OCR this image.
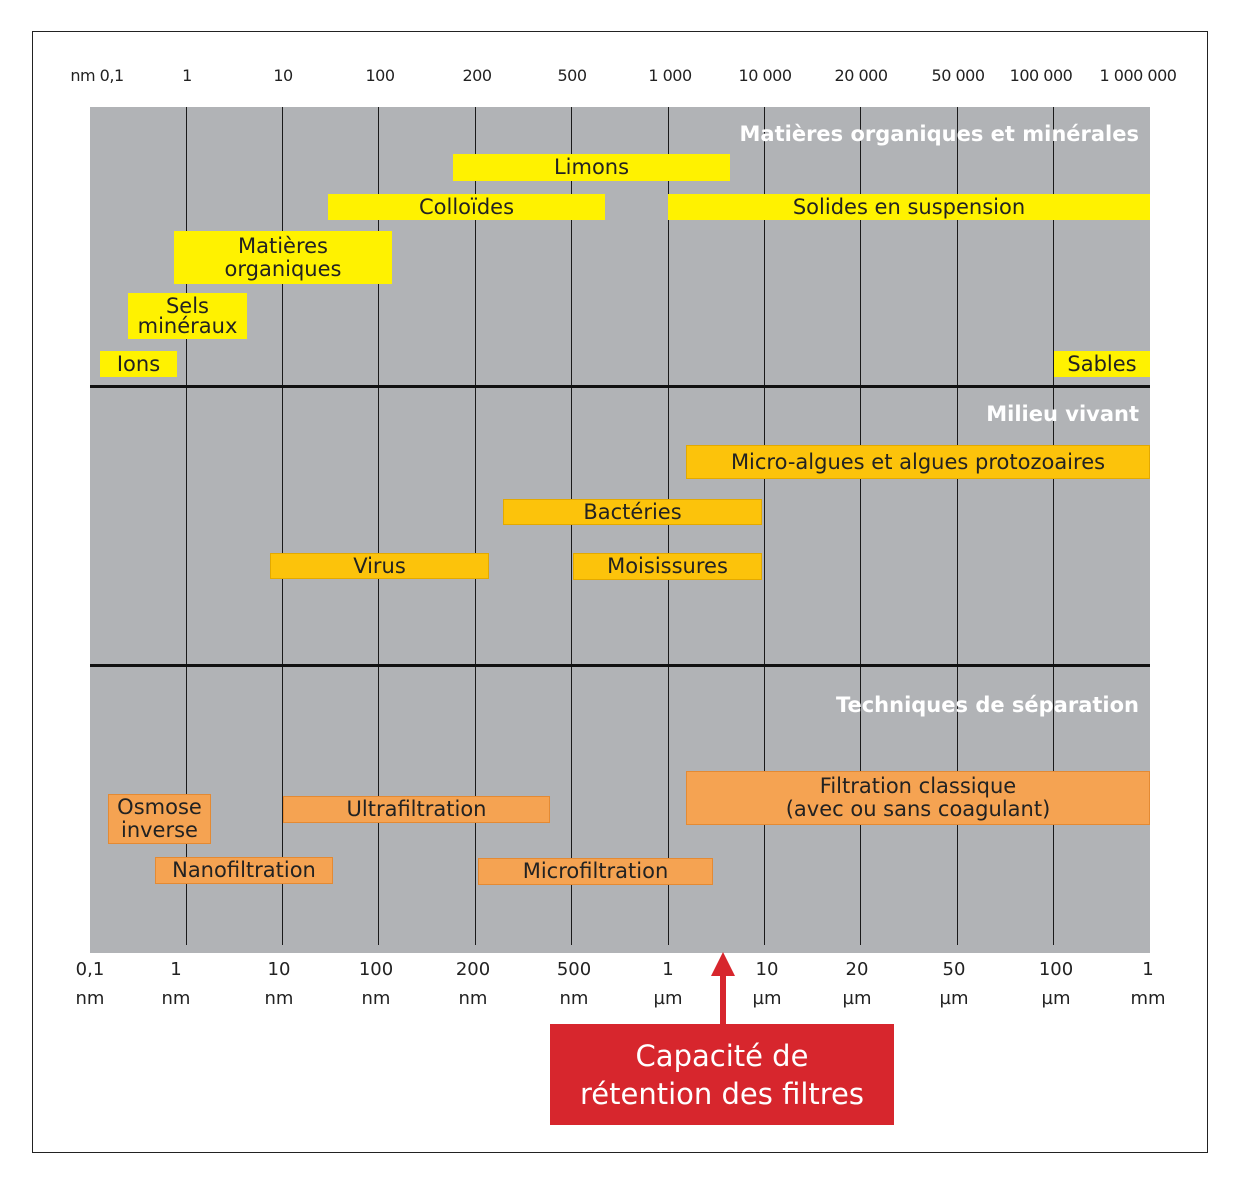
nm 0,1	1	10	100	200	500	1 000	10 000	20 000	50 000 100 000 1 000 000
Matières organiques et minérales
Limons
Colloïdes	Solides en suspension
Matières
organiques
Sels
minéraux
Ions	Sables
Milieu vivant
Micro-algues et algues protozoaires
Bactéries
Virus	Moisissures
Techniques de séparation
Filtration classique
(avec ou sans coagulant)
Osmose
inverse
Ultrafiltration
Nanofiltration	Microfiltration
0,1
nm
1
nm
10
nm
100
nm
200
nm
500
nm
1
µm
10
µm
20
µm
50
µm
100
µm
1
mm
Capacité de
rétention des filtres
